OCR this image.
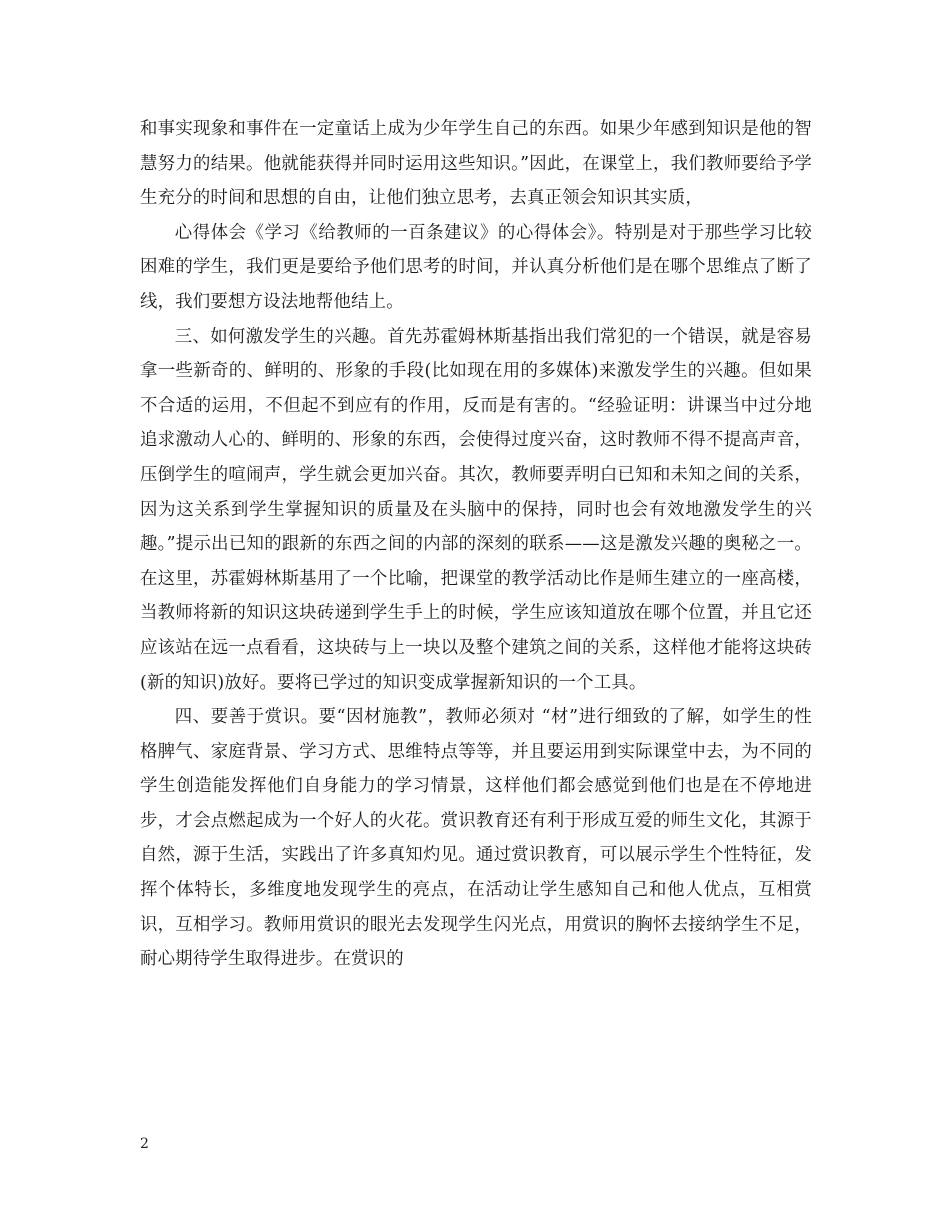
和事实现象和事件在一定童话上成为少年学生自己的东西。如果少年感到知识是他的智慧努力的结果。他就能获得并同时运用这些知识。”因此，在课堂上，我们教师要给予学生充分的时间和思想的自由，让他们独立思考，去真正领会知识其实质，

心得体会《学习《给教师的一百条建议》的心得体会》。特别是对于那些学习比较困难的学生，我们更是要给予他们思考的时间，并认真分析他们是在哪个思维点了断了线，我们要想方设法地帮他结上。

三、如何激发学生的兴趣。首先苏霍姆林斯基指出我们常犯的一个错误，就是容易拿一些新奇的、鲜明的、形象的手段(比如现在用的多媒体)来激发学生的兴趣。但如果不合适的运用，不但起不到应有的作用，反而是有害的。“经验证明：讲课当中过分地追求激动人心的、鲜明的、形象的东西，会使得过度兴奋，这时教师不得不提高声音，压倒学生的喧闹声，学生就会更加兴奋。其次，教师要弄明白已知和未知之间的关系，因为这关系到学生掌握知识的质量及在头脑中的保持，同时也会有效地激发学生的兴趣。”提示出已知的跟新的东西之间的内部的深刻的联系——这是激发兴趣的奥秘之一。在这里，苏霍姆林斯基用了一个比喻，把课堂的教学活动比作是师生建立的一座高楼，当教师将新的知识这块砖递到学生手上的时候，学生应该知道放在哪个位置，并且它还应该站在远一点看看，这块砖与上一块以及整个建筑之间的关系，这样他才能将这块砖(新的知识)放好。要将已学过的知识变成掌握新知识的一个工具。

四、要善于赏识。要“因材施教”，教师必须对 “材”进行细致的了解，如学生的性格脾气、家庭背景、学习方式、思维特点等等，并且要运用到实际课堂中去，为不同的学生创造能发挥他们自身能力的学习情景，这样他们都会感觉到他们也是在不停地进步，才会点燃起成为一个好人的火花。赏识教育还有利于形成互爱的师生文化，其源于自然，源于生活，实践出了许多真知灼见。通过赏识教育，可以展示学生个性特征，发挥个体特长，多维度地发现学生的亮点，在活动让学生感知自己和他人优点，互相赏识，互相学习。教师用赏识的眼光去发现学生闪光点，用赏识的胸怀去接纳学生不足，耐心期待学生取得进步。在赏识的

2
